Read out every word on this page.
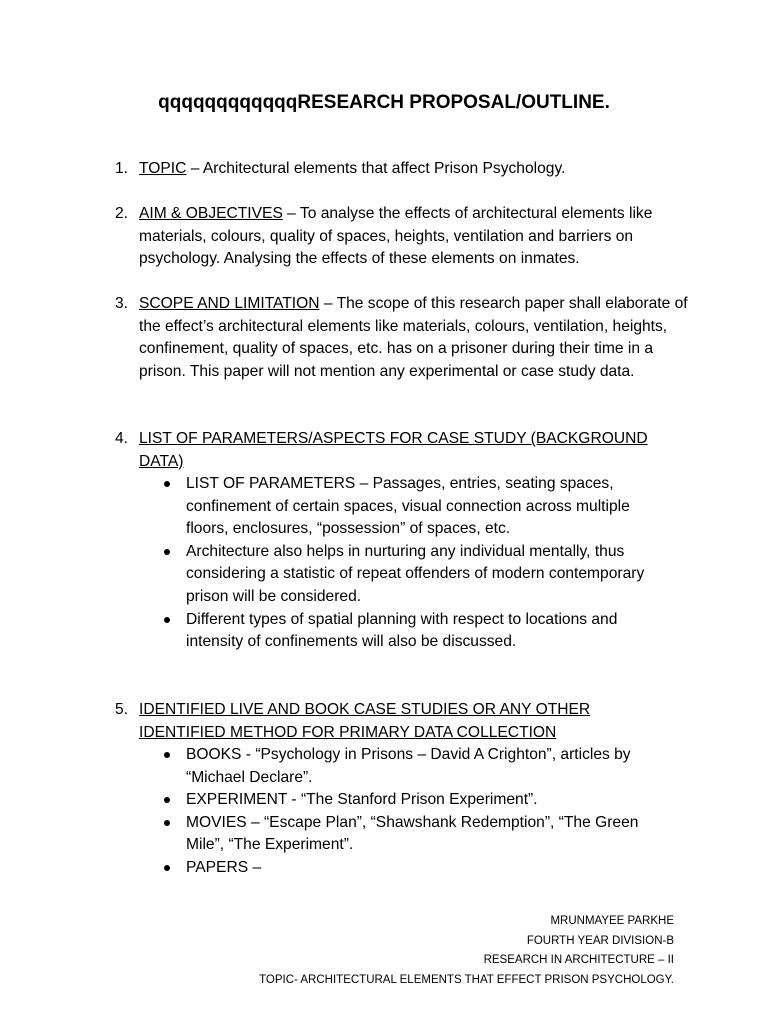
qqqqqqqqqqqqRESEARCH PROPOSAL/OUTLINE.
1. TOPIC – Architectural elements that affect Prison Psychology.
2. AIM & OBJECTIVES – To analyse the effects of architectural elements like materials, colours, quality of spaces, heights, ventilation and barriers on psychology. Analysing the effects of these elements on inmates.
3. SCOPE AND LIMITATION – The scope of this research paper shall elaborate of the effect’s architectural elements like materials, colours, ventilation, heights, confinement, quality of spaces, etc. has on a prisoner during their time in a prison. This paper will not mention any experimental or case study data.
4. LIST OF PARAMETERS/ASPECTS FOR CASE STUDY (BACKGROUND DATA)
LIST OF PARAMETERS – Passages, entries, seating spaces, confinement of certain spaces, visual connection across multiple floors, enclosures, “possession” of spaces, etc.
Architecture also helps in nurturing any individual mentally, thus considering a statistic of repeat offenders of modern contemporary prison will be considered.
Different types of spatial planning with respect to locations and intensity of confinements will also be discussed.
5. IDENTIFIED LIVE AND BOOK CASE STUDIES OR ANY OTHER IDENTIFIED METHOD FOR PRIMARY DATA COLLECTION
BOOKS - “Psychology in Prisons – David A Crighton”, articles by “Michael Declare”.
EXPERIMENT - “The Stanford Prison Experiment”.
MOVIES – “Escape Plan”, “Shawshank Redemption”, “The Green Mile”, “The Experiment”.
PAPERS –
MRUNMAYEE PARKHE
FOURTH YEAR DIVISION-B
RESEARCH IN ARCHITECTURE – II
TOPIC- ARCHITECTURAL ELEMENTS THAT EFFECT PRISON PSYCHOLOGY.
